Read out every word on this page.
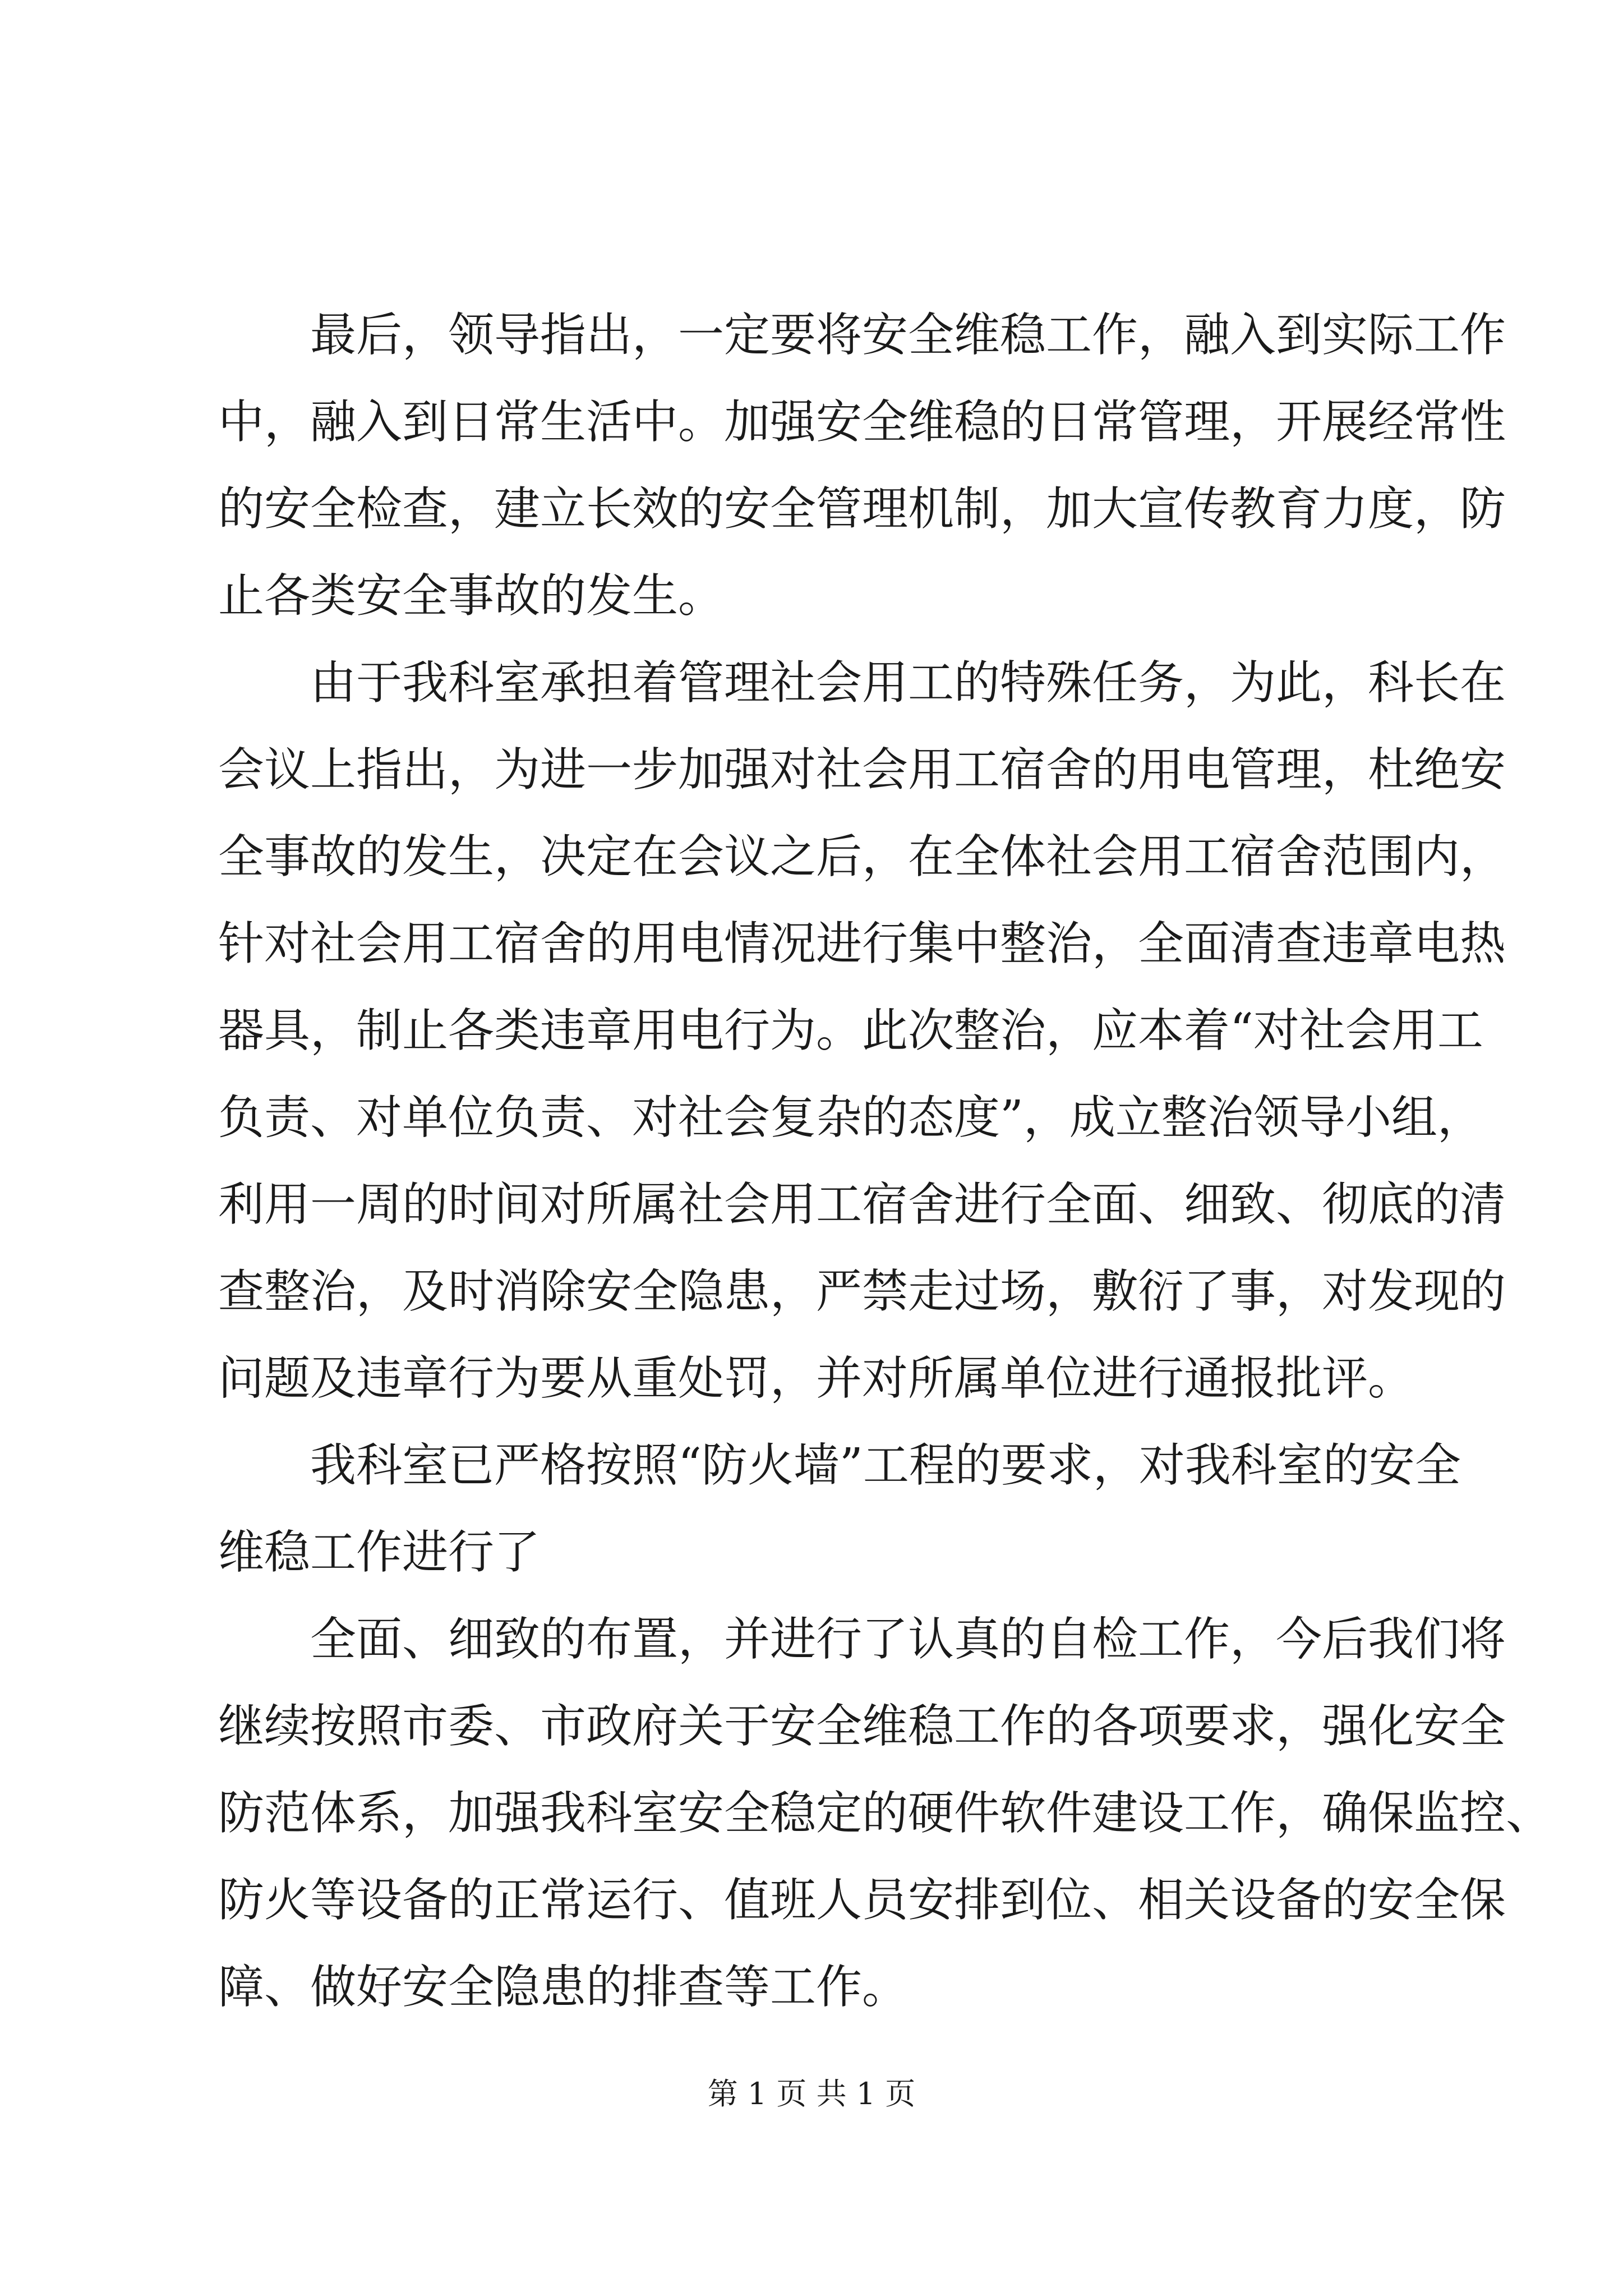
最后，领导指出，一定要将安全维稳工作，融入到实际工作
中，融入到日常生活中。加强安全维稳的日常管理，开展经常性
的安全检查，建立长效的安全管理机制，加大宣传教育力度，防
止各类安全事故的发生。
由于我科室承担着管理社会用工的特殊任务，为此，科长在
会议上指出，为进一步加强对社会用工宿舍的用电管理，杜绝安
全事故的发生，决定在会议之后，在全体社会用工宿舍范围内，
针对社会用工宿舍的用电情况进行集中整治，全面清查违章电热
器具，制止各类违章用电行为。此次整治，应本着“对社会用工
负责、对单位负责、对社会复杂的态度”，成立整治领导小组，
利用一周的时间对所属社会用工宿舍进行全面、细致、彻底的清
查整治，及时消除安全隐患，严禁走过场，敷衍了事，对发现的
问题及违章行为要从重处罚，并对所属单位进行通报批评。
我科室已严格按照“防火墙”工程的要求，对我科室的安全
维稳工作进行了
全面、细致的布置，并进行了认真的自检工作，今后我们将
继续按照市委、市政府关于安全维稳工作的各项要求，强化安全
防范体系，加强我科室安全稳定的硬件软件建设工作，确保监控、
防火等设备的正常运行、值班人员安排到位、相关设备的安全保
障、做好安全隐患的排查等工作。
第 1 页 共 1 页
